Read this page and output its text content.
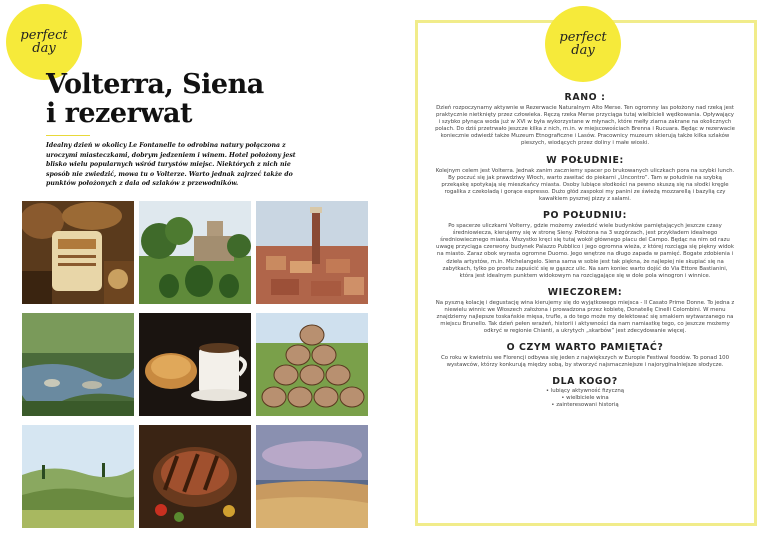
perfect
day
Volterra, Siena
i rezerwat

Idealny dzień w okolicy Le Fontanelle to odrobina natury połączona z uroczymi miasteczkami, dobrym jedzeniem i winem. Hotel położony jest blisko wielu popularnych wśród turystów miejsc. Niektórych z nich nie sposób nie zwiedzić, mowa tu o Volterze. Warto jednak zajrzeć także do punktów położonych z dala od szlaków z przewodników.

perfect
day
RANO :

Dzień rozpoczynamy aktywnie w Rezerwacie Naturalnym Alto Merse. Ten ogromny las położony nad rzeką jest praktycznie nietknięty przez człowieka. Ręczą rzeka Merse przyciąga tutaj wielbicieli wędkowania. Opływający i szybko płynąca woda już w XVI w była wykorzystane w młynach, które mełły ziarna zakrane na okolicznych polach. Do dziś przetrwało jeszcze kilka z nich, m.in. w miejscowościach Brenna i Rucuara. Będąc w rezerwacie koniecznie odwiedź także Muzeum Etnograficzne i Lasów. Pracownicy muzeum skierują także kilka szlaków pieszych, wiodących przez doliny i małe wioski.

W POŁUDNIE:

Kolejnym celem jest Volterra. Jednak zanim zaczniemy spacer po brukowanych uliczkach pora na szybki lunch. By poczuć się jak prawdziwy Włoch, warto zawitać do piekarni „Uncontro”. Tam w południe na szybką przekąskę spotykają się mieszkańcy miasta. Osoby lubiące słodkości na pewno skuszą się na słodki kręgle rogalika z czekoladą i gorące espresso. Dużo głód zaspokoi my panini ze świeżą mozzarellą i bazylią czy kawałkiem pysznej pizzy z salami.

PO POŁUDNIU:

Po spacerze uliczkami Volterry, gdzie możemy zwiedzić wiele budynków pamiętających jeszcze czasy średniowiecza, kierujemy się w stronę Sieny. Położona na 3 wzgórzach, jest przykładem idealnego średniowiecznego miasta. Wszystko kręci się tutaj wokół głównego placu del Campo. Będąc na nim od razu uwagę przyciąga czerwony budynek Palazzo Pubblico i jego ogromna wieża, z której rozciąga się piękny widok na miasto. Zaraz obok wyrasta ogromne Duomo. Jego wnętrze na długo zapada w pamięć. Bogate zdobienia i dzieła artystów, m.in. Michelangelo. Siena sama w sobie jest tak piękna, że najlepiej nie skupiać się na zabytkach, tylko po prostu zapuścić się w gąszcz ulic. Na sam koniec warto dojść do Via Ettore Bastianini, która jest idealnym punktem widokowym na rozciągające się w dole pola winogron i winnice.

WIECZOREM:

Na pyszną kolację i degustację wina kierujemy się do wyjątkowego miejsca - Il Casato Prime Donne. To jedna z niewielu winnic we Włoszech założona i prowadzona przez kobietę, Donatellę Cinelli Colombini. W menu znajdziemy najlepsze toskańskie mięsa, trufle, a do tego może my delektować się smakiem wytwarzanego na miejscu Brunello. Tak dzień pełen wrażeń, historii i aktywności da nam namiastkę tego, co jeszcze możemy odkryć w regionie Chianti, a ukrytych „skarbów” jest zdecydowanie więcej.

O CZYM WARTO PAMIĘTAĆ?

Co roku w kwietniu we Florencji odbywa się jeden z największych w Europie Festiwal foodów. To ponad 100 wystawców, którzy konkurują między sobą, by stworzyć najsmaczniejsze i najoryginalniejsze słodycze.

DLA KOGO?
• lubiący aktywność fizyczną
• wielbiciele wina
• zainteresowani historią
